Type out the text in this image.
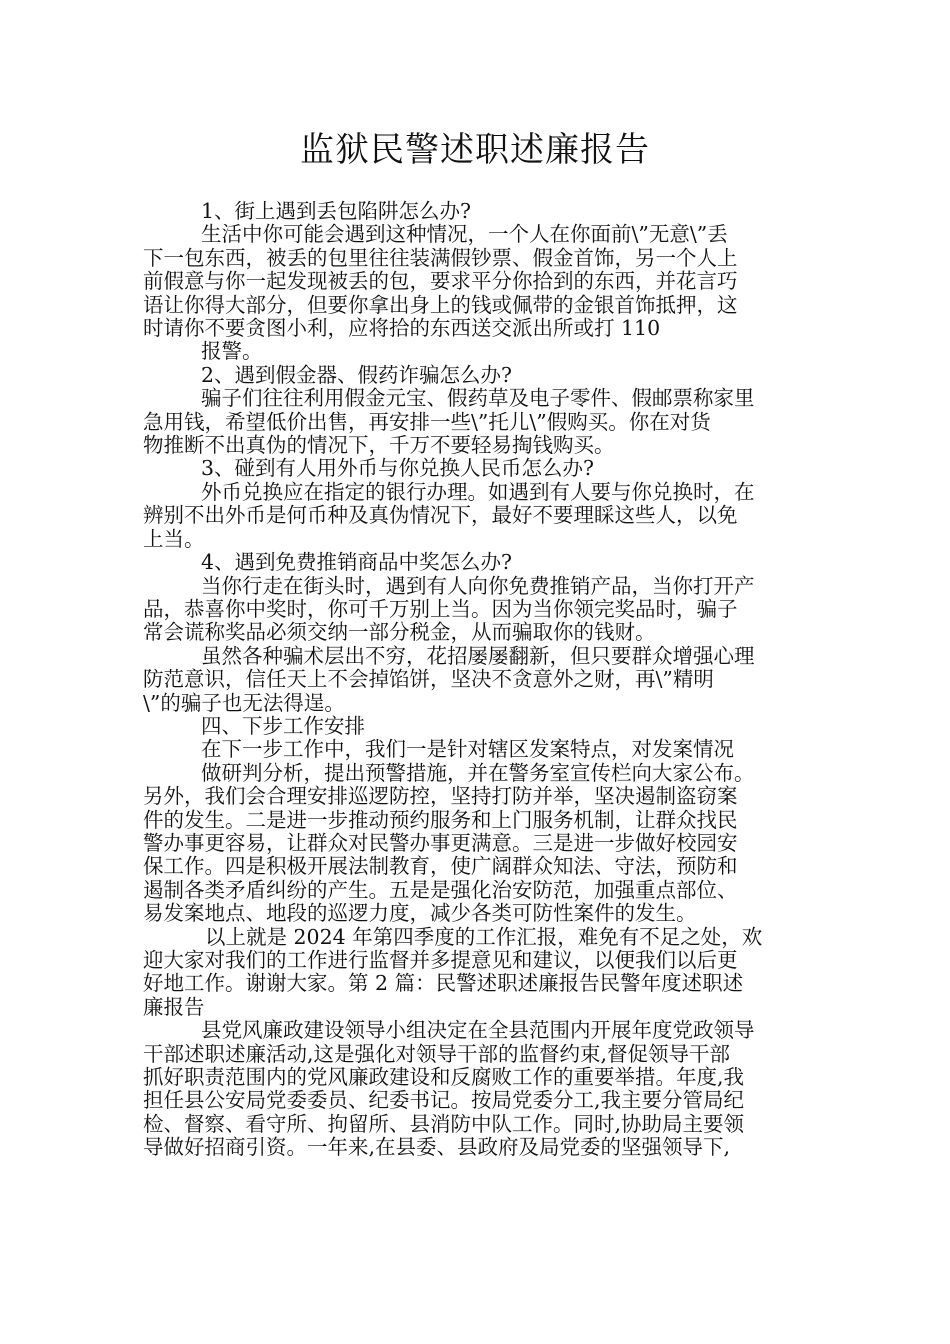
监狱民警述职述廉报告

1、街上遇到丢包陷阱怎么办?

生活中你可能会遇到这种情况，一个人在你面前\”无意\”丢

下一包东西，被丢的包里往往装满假钞票、假金首饰，另一个人上

前假意与你一起发现被丢的包，要求平分你拾到的东西，并花言巧

语让你得大部分，但要你拿出身上的钱或佩带的金银首饰抵押，这

时请你不要贪图小利，应将拾的东西送交派出所或打 110

报警。

2、遇到假金器、假药诈骗怎么办?

骗子们往往利用假金元宝、假药草及电子零件、假邮票称家里

急用钱，希望低价出售，再安排一些\”托儿\”假购买。你在对货

物推断不出真伪的情况下，千万不要轻易掏钱购买。

3、碰到有人用外币与你兑换人民币怎么办?

外币兑换应在指定的银行办理。如遇到有人要与你兑换时，在

辨别不出外币是何币种及真伪情况下，最好不要理睬这些人，以免

上当。

4、遇到免费推销商品中奖怎么办?

当你行走在街头时，遇到有人向你免费推销产品，当你打开产

品，恭喜你中奖时，你可千万别上当。因为当你领完奖品时，骗子

常会谎称奖品必须交纳一部分税金，从而骗取你的钱财。

虽然各种骗术层出不穷，花招屡屡翻新，但只要群众增强心理

防范意识，信任天上不会掉馅饼，坚决不贪意外之财，再\”精明

\”的骗子也无法得逞。

四、下步工作安排

在下一步工作中，我们一是针对辖区发案特点，对发案情况

做研判分析，提出预警措施，并在警务室宣传栏向大家公布。

另外，我们会合理安排巡逻防控，坚持打防并举，坚决遏制盗窃案

件的发生。二是进一步推动预约服务和上门服务机制，让群众找民

警办事更容易，让群众对民警办事更满意。三是进一步做好校园安

保工作。四是积极开展法制教育，使广阔群众知法、守法，预防和

遏制各类矛盾纠纷的产生。五是是强化治安防范，加强重点部位、

易发案地点、地段的巡逻力度，减少各类可防性案件的发生。

以上就是 2024 年第四季度的工作汇报，难免有不足之处，欢

迎大家对我们的工作进行监督并多提意见和建议，以便我们以后更

好地工作。谢谢大家。第 2 篇：民警述职述廉报告民警年度述职述

廉报告

县党风廉政建设领导小组决定在全县范围内开展年度党政领导

干部述职述廉活动,这是强化对领导干部的监督约束,督促领导干部

抓好职责范围内的党风廉政建设和反腐败工作的重要举措。年度,我

担任县公安局党委委员、纪委书记。按局党委分工,我主要分管局纪

检、督察、看守所、拘留所、县消防中队工作。同时,协助局主要领

导做好招商引资。一年来,在县委、县政府及局党委的坚强领导下,
